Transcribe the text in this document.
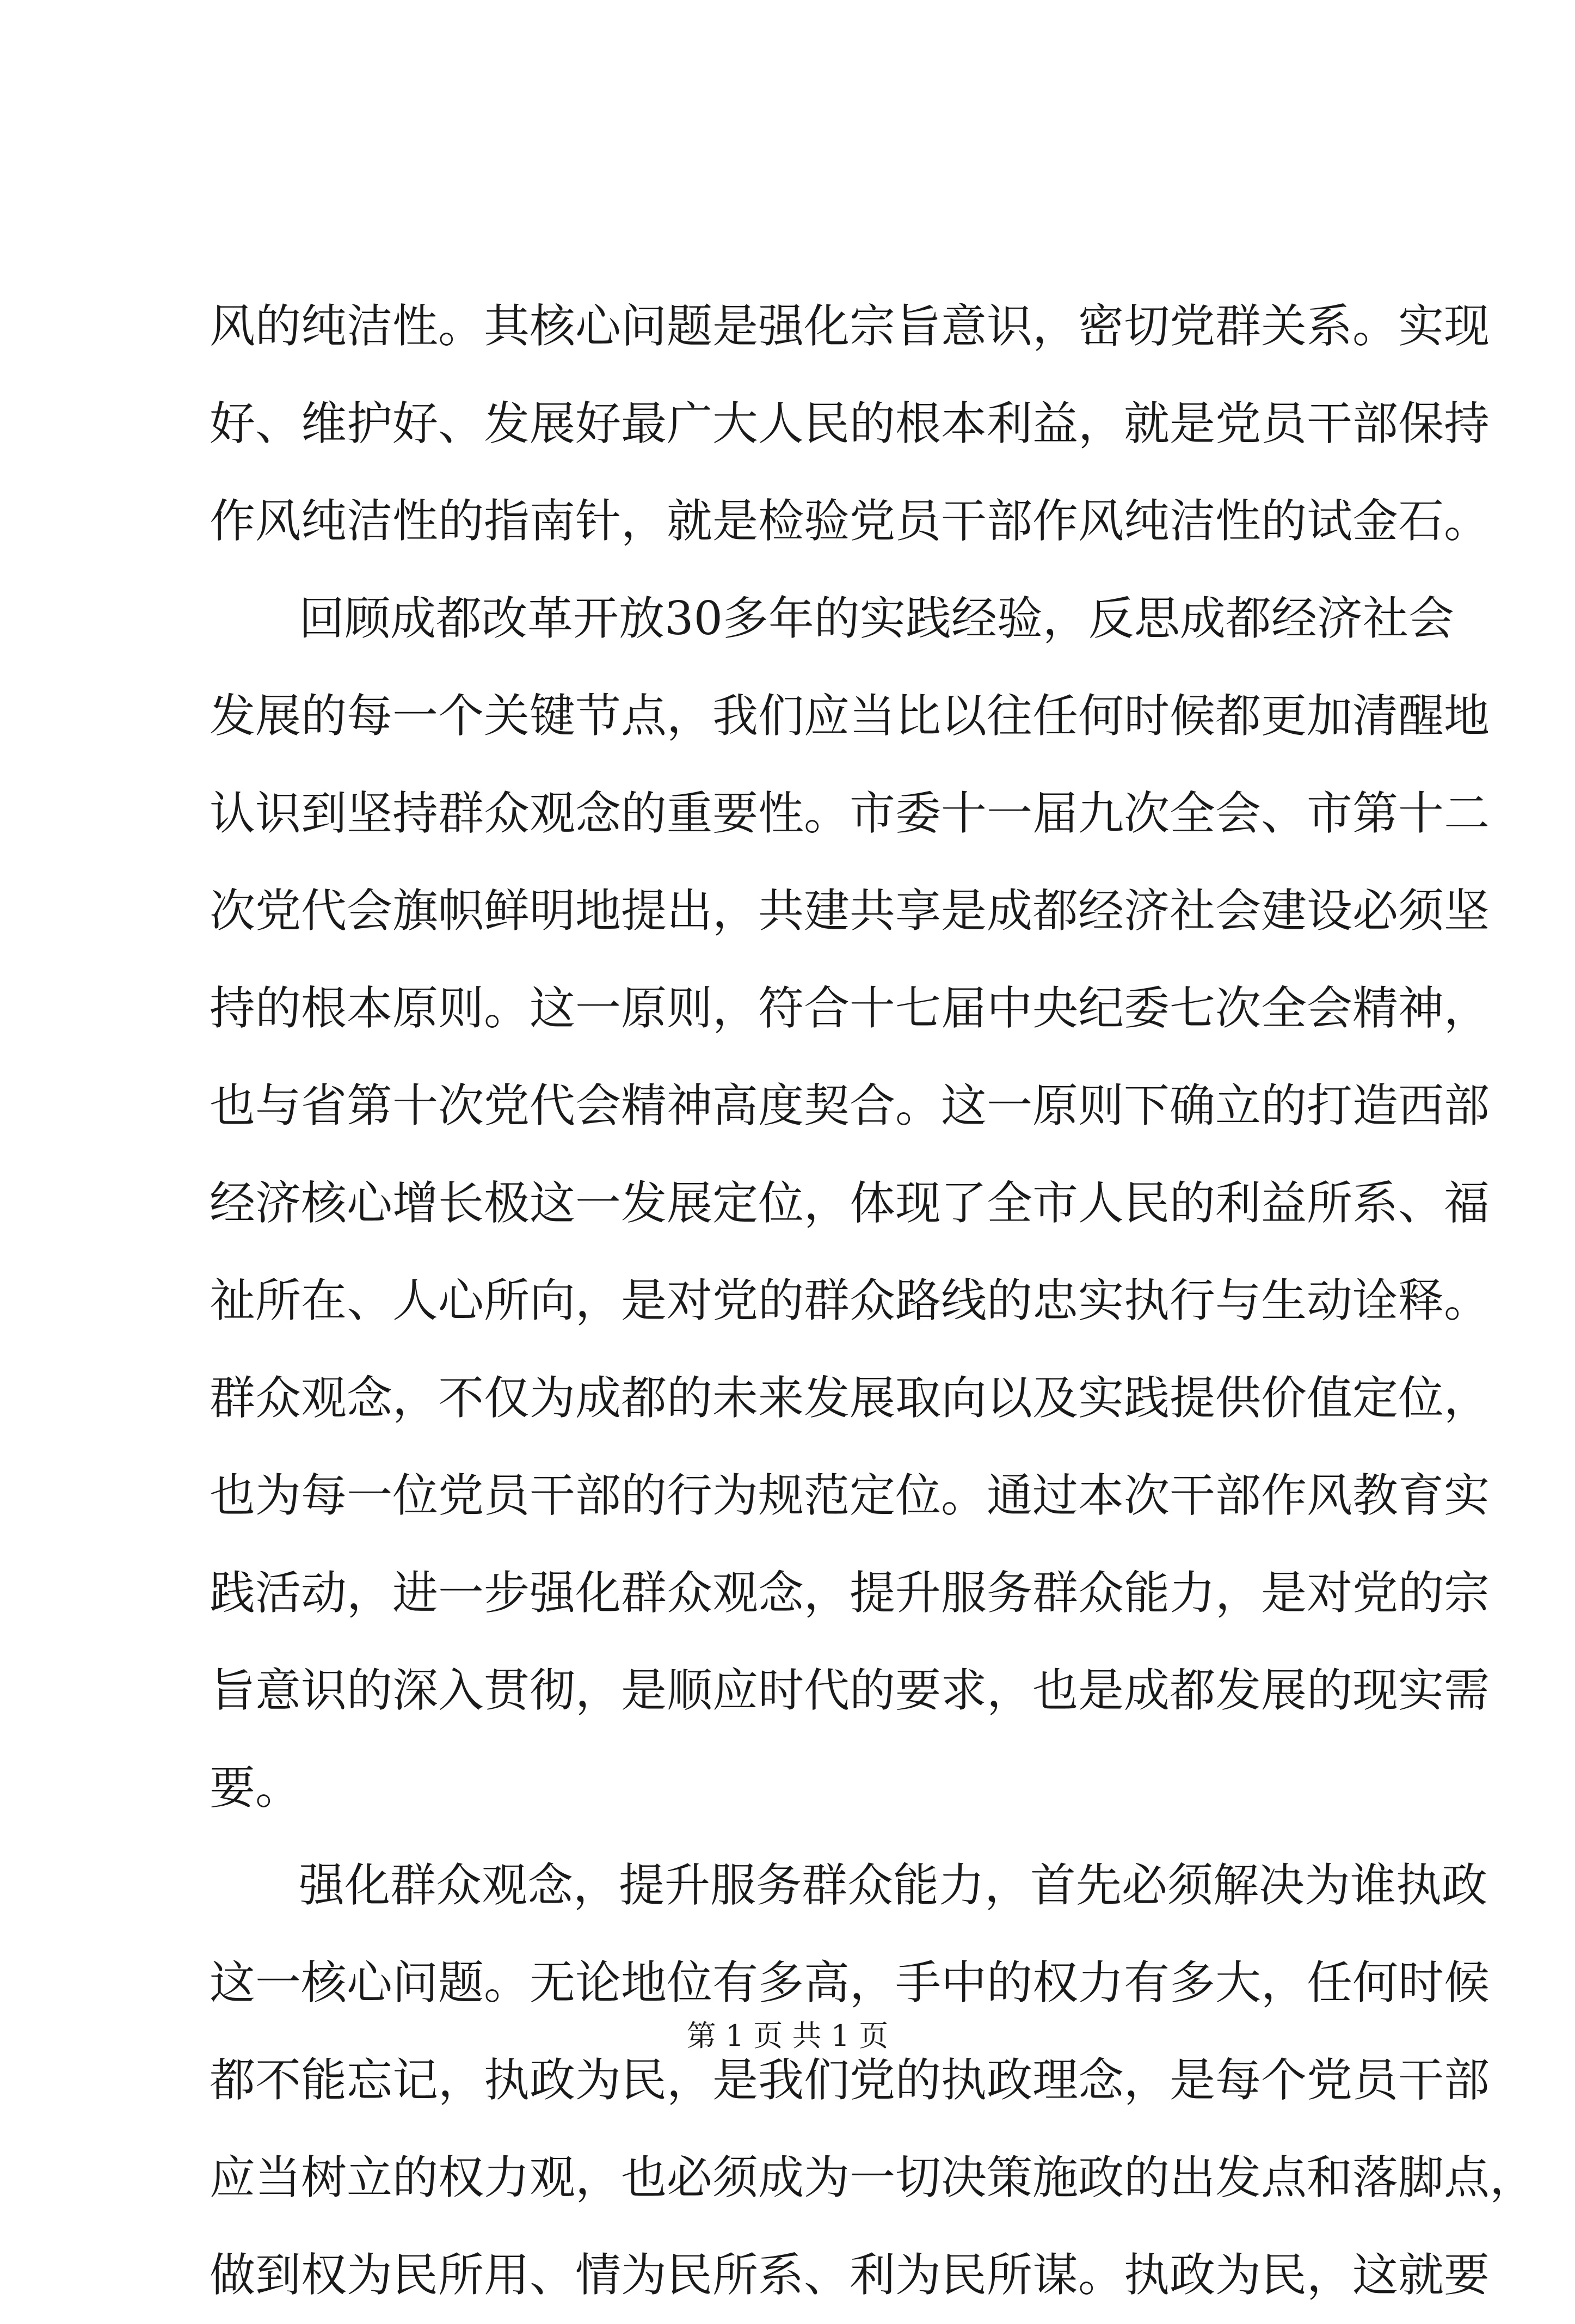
风的纯洁性。其核心问题是强化宗旨意识，密切党群关系。实现
好、维护好、发展好最广大人民的根本利益，就是党员干部保持
作风纯洁性的指南针，就是检验党员干部作风纯洁性的试金石。
回顾成都改革开放30多年的实践经验，反思成都经济社会
发展的每一个关键节点，我们应当比以往任何时候都更加清醒地
认识到坚持群众观念的重要性。市委十一届九次全会、市第十二
次党代会旗帜鲜明地提出，共建共享是成都经济社会建设必须坚
持的根本原则。这一原则，符合十七届中央纪委七次全会精神，
也与省第十次党代会精神高度契合。这一原则下确立的打造西部
经济核心增长极这一发展定位，体现了全市人民的利益所系、福
祉所在、人心所向，是对党的群众路线的忠实执行与生动诠释。
群众观念，不仅为成都的未来发展取向以及实践提供价值定位，
也为每一位党员干部的行为规范定位。通过本次干部作风教育实
践活动，进一步强化群众观念，提升服务群众能力，是对党的宗
旨意识的深入贯彻，是顺应时代的要求，也是成都发展的现实需
要。
强化群众观念，提升服务群众能力，首先必须解决为谁执政
这一核心问题。无论地位有多高，手中的权力有多大，任何时候
都不能忘记，执政为民，是我们党的执政理念，是每个党员干部
应当树立的权力观，也必须成为一切决策施政的出发点和落脚点，
做到权为民所用、情为民所系、利为民所谋。执政为民，这就要
第 1 页 共 1 页
